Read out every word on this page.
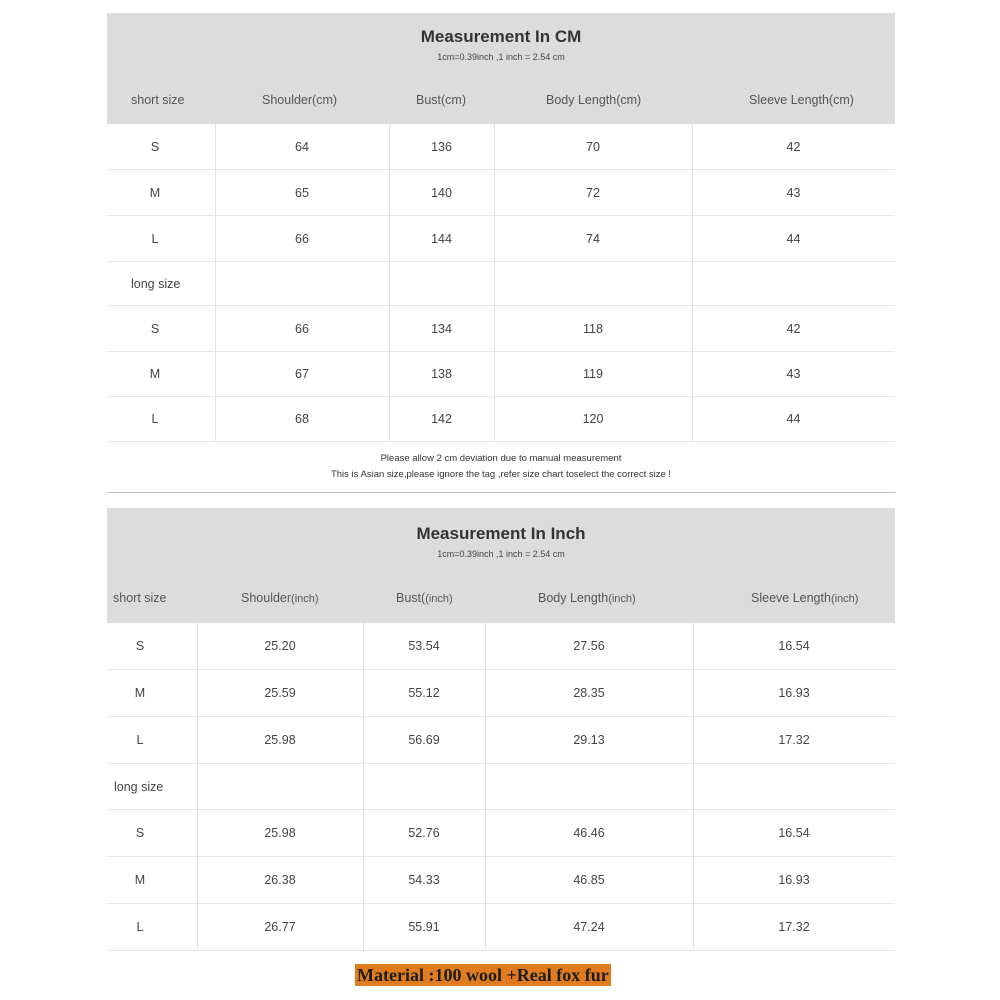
Measurement In CM
1cm=0.39inch ,1 inch = 2.54 cm
short size	Shoulder(cm)	Bust(cm)	Body Length(cm)	Sleeve Length(cm)
S	64	136	70	42
M	65	140	72	43
L	66	144	74	44
long size
S	66	134	118	42
M	67	138	119	43
L	68	142	120	44
Please allow 2 cm deviation due to manual measurement
This is Asian size,please ignore the tag ,refer size chart toselect the correct size !
Measurement In Inch
1cm=0.39inch ,1 inch = 2.54 cm
short size	Shoulder(inch)	Bust((inch)	Body Length(inch)	Sleeve Length(inch)
S	25.20	53.54	27.56	16.54
M	25.59	55.12	28.35	16.93
L	25.98	56.69	29.13	17.32
long size
S	25.98	52.76	46.46	16.54
M	26.38	54.33	46.85	16.93
L	26.77	55.91	47.24	17.32
Material :100 wool +Real fox fur
